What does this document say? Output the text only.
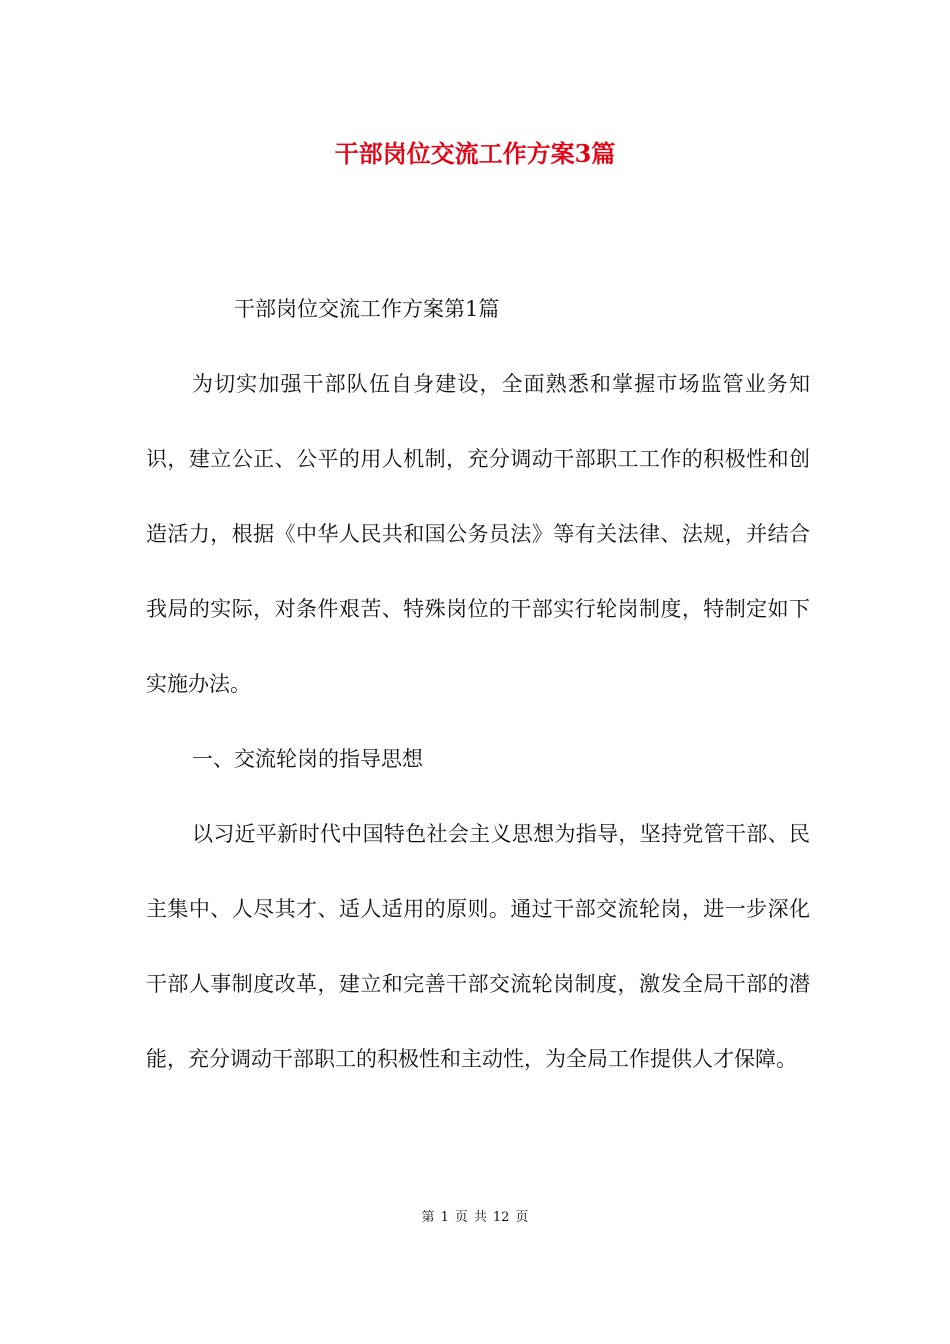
干部岗位交流工作方案3篇

干部岗位交流工作方案第1篇

为切实加强干部队伍自身建设，全面熟悉和掌握市场监管业务知识，建立公正、公平的用人机制，充分调动干部职工工作的积极性和创造活力，根据《中华人民共和国公务员法》等有关法律、法规，并结合我局的实际，对条件艰苦、特殊岗位的干部实行轮岗制度，特制定如下实施办法。

一、交流轮岗的指导思想

以习近平新时代中国特色社会主义思想为指导，坚持党管干部、民主集中、人尽其才、适人适用的原则。通过干部交流轮岗，进一步深化干部人事制度改革，建立和完善干部交流轮岗制度，激发全局干部的潜能，充分调动干部职工的积极性和主动性，为全局工作提供人才保障。

第 1 页 共 12 页
